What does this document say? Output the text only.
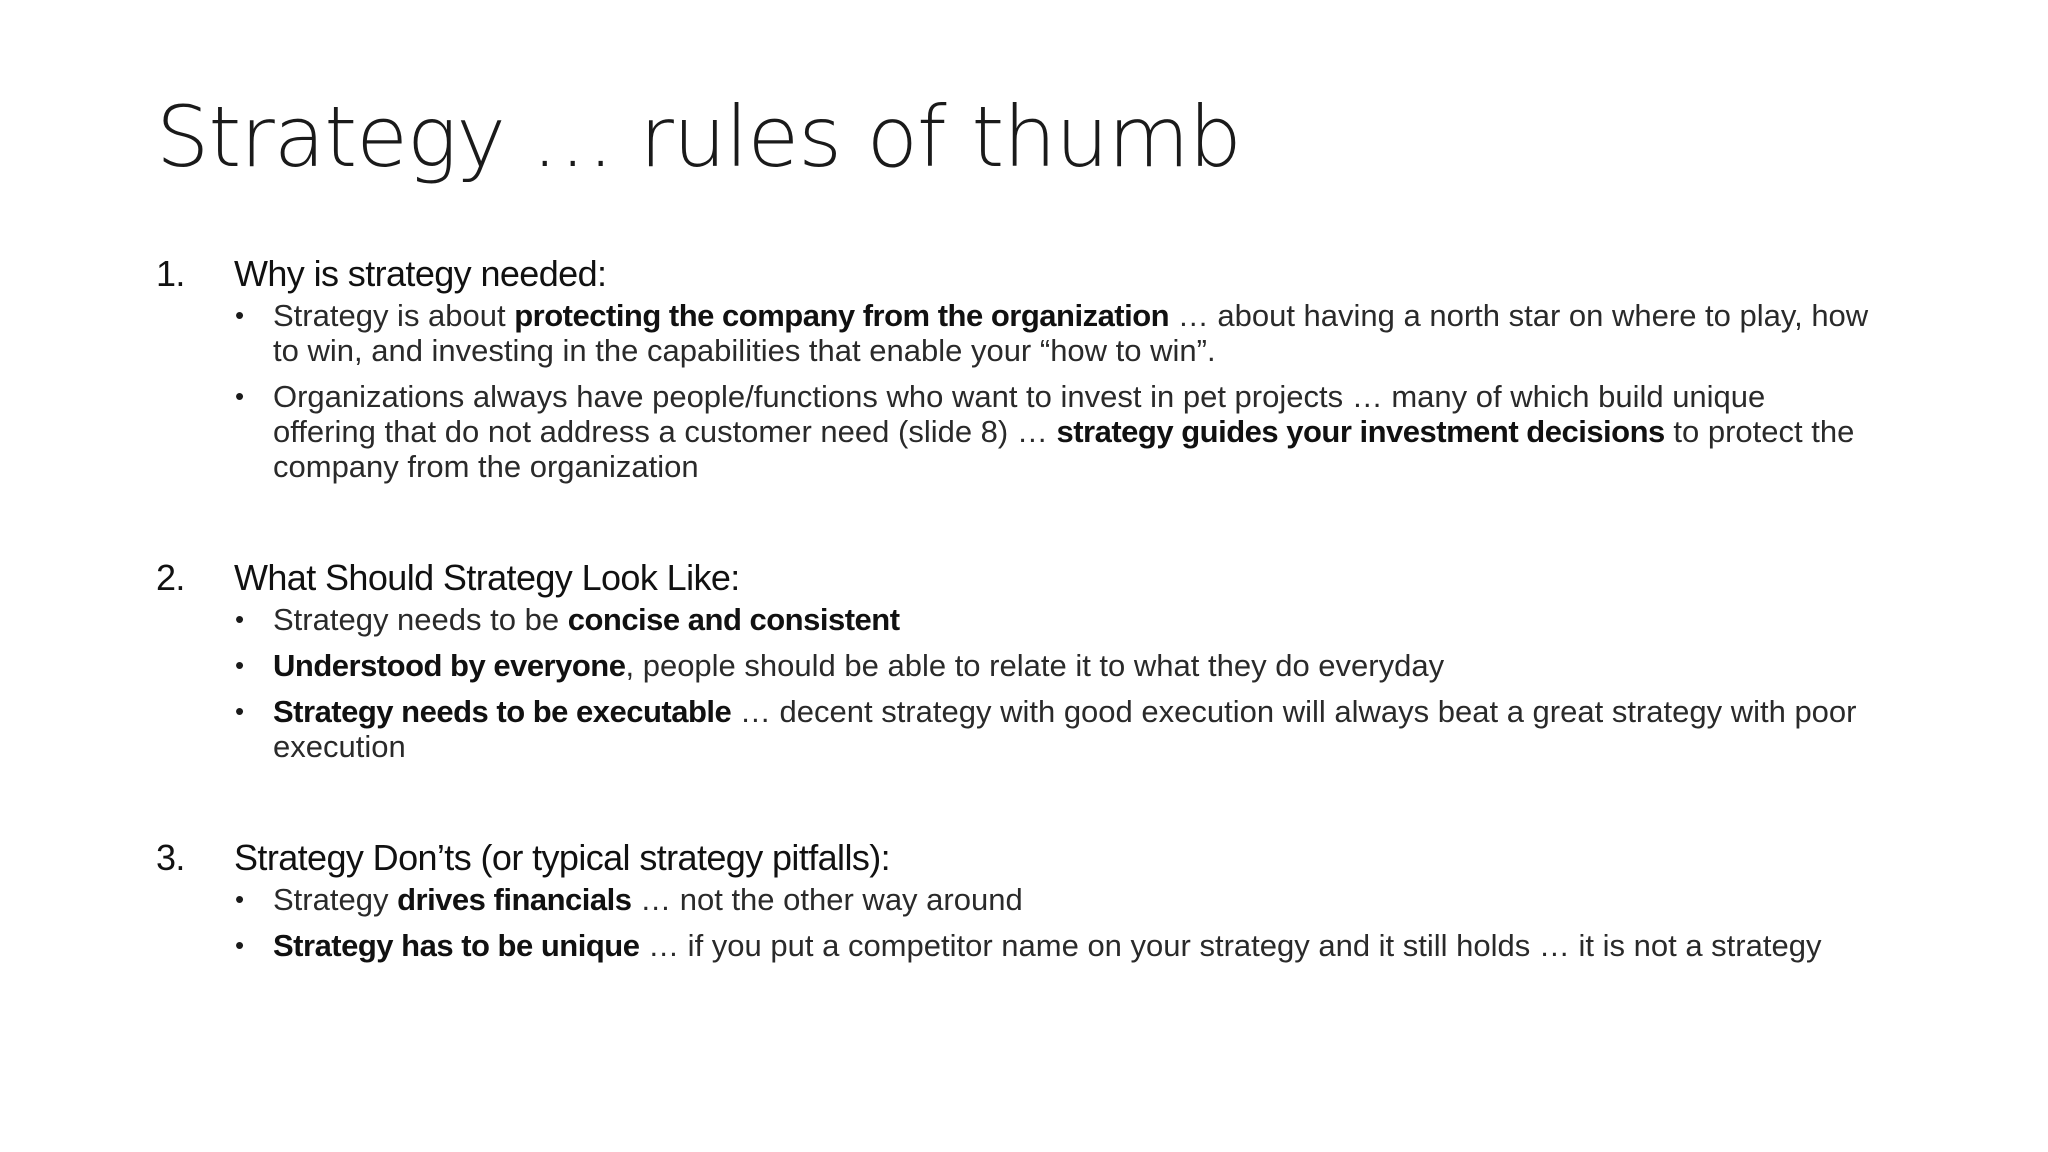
Strategy … rules of thumb
1. Why is strategy needed:
• Strategy is about protecting the company from the organization … about having a north star on where to play, how to win, and investing in the capabilities that enable your “how to win”.
• Organizations always have people/functions who want to invest in pet projects … many of which build unique offering that do not address a customer need (slide 8) … strategy guides your investment decisions to protect the company from the organization
2. What Should Strategy Look Like:
• Strategy needs to be concise and consistent
• Understood by everyone, people should be able to relate it to what they do everyday
• Strategy needs to be executable … decent strategy with good execution will always beat a great strategy with poor execution
3. Strategy Don’ts (or typical strategy pitfalls):
• Strategy drives financials … not the other way around
• Strategy has to be unique … if you put a competitor name on your strategy and it still holds … it is not a strategy
